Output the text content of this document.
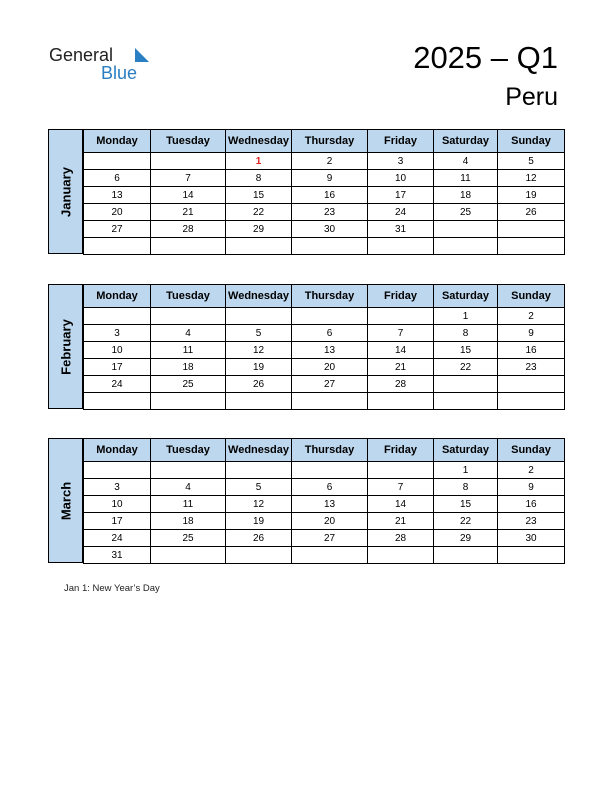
General
Blue	2025 – Q1
Peru
January
Monday	Tuesday	Wednesday	Thursday	Friday	Saturday	Sunday
		1	2	3	4	5
6	7	8	9	10	11	12
13	14	15	16	17	18	19
20	21	22	23	24	25	26
27	28	29	30	31		

February
Monday	Tuesday	Wednesday	Thursday	Friday	Saturday	Sunday
					1	2
3	4	5	6	7	8	9
10	11	12	13	14	15	16
17	18	19	20	21	22	23
24	25	26	27	28		

March
Monday	Tuesday	Wednesday	Thursday	Friday	Saturday	Sunday
					1	2
3	4	5	6	7	8	9
10	11	12	13	14	15	16
17	18	19	20	21	22	23
24	25	26	27	28	29	30
31						
Jan 1: New Year’s Day
